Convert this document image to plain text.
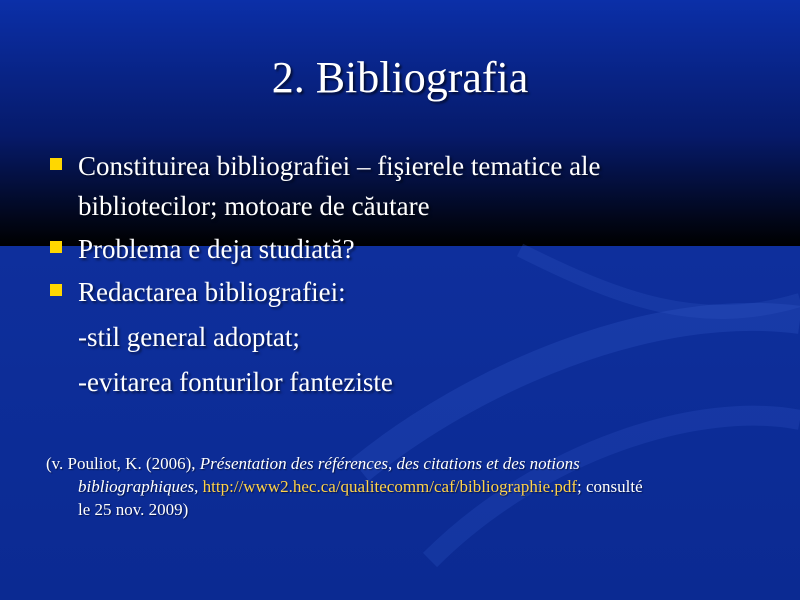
2. Bibliografia
Constituirea bibliografiei – fişierele tematice ale
bibliotecilor; motoare de căutare
Problema e deja studiată?
Redactarea bibliografiei:
-stil general adoptat;
-evitarea fonturilor fanteziste
(v. Pouliot, K. (2006), Présentation des références, des citations et des notions
bibliographiques, http://www2.hec.ca/qualitecomm/caf/bibliographie.pdf; consulté
le 25 nov. 2009)
